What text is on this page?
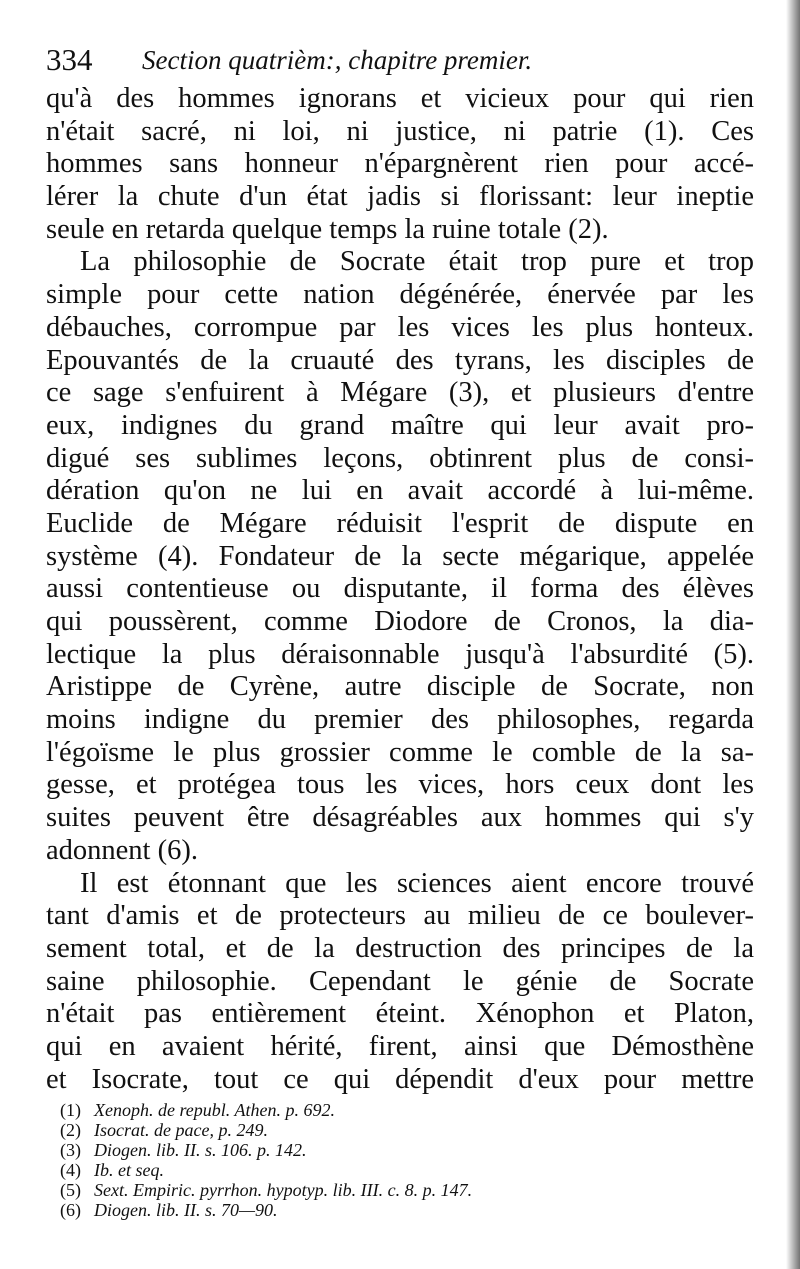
334 Section quatrièm:, chapitre premier.
qu'à des hommes ignorans et vicieux pour qui rien
n'était sacré, ni loi, ni justice, ni patrie (1). Ces
hommes sans honneur n'épargnèrent rien pour accé-
lérer la chute d'un état jadis si florissant: leur ineptie
seule en retarda quelque temps la ruine totale (2).
La philosophie de Socrate était trop pure et trop
simple pour cette nation dégénérée, énervée par les
débauches, corrompue par les vices les plus honteux.
Epouvantés de la cruauté des tyrans, les disciples de
ce sage s'enfuirent à Mégare (3), et plusieurs d'entre
eux, indignes du grand maître qui leur avait pro-
digué ses sublimes leçons, obtinrent plus de consi-
dération qu'on ne lui en avait accordé à lui-même.
Euclide de Mégare réduisit l'esprit de dispute en
système (4). Fondateur de la secte mégarique, appelée
aussi contentieuse ou disputante, il forma des élèves
qui poussèrent, comme Diodore de Cronos, la dia-
lectique la plus déraisonnable jusqu'à l'absurdité (5).
Aristippe de Cyrène, autre disciple de Socrate, non
moins indigne du premier des philosophes, regarda
l'égoïsme le plus grossier comme le comble de la sa-
gesse, et protégea tous les vices, hors ceux dont les
suites peuvent être désagréables aux hommes qui s'y
adonnent (6).
Il est étonnant que les sciences aient encore trouvé
tant d'amis et de protecteurs au milieu de ce boulever-
sement total, et de la destruction des principes de la
saine philosophie. Cependant le génie de Socrate
n'était pas entièrement éteint. Xénophon et Platon,
qui en avaient hérité, firent, ainsi que Démosthène
et Isocrate, tout ce qui dépendit d'eux pour mettre
(1) Xenoph. de republ. Athen. p. 692.
(2) Isocrat. de pace, p. 249.
(3) Diogen. lib. II. s. 106. p. 142.
(4) Ib. et seq.
(5) Sext. Empiric. pyrrhon. hypotyp. lib. III. c. 8. p. 147.
(6) Diogen. lib. II. s. 70—90.
